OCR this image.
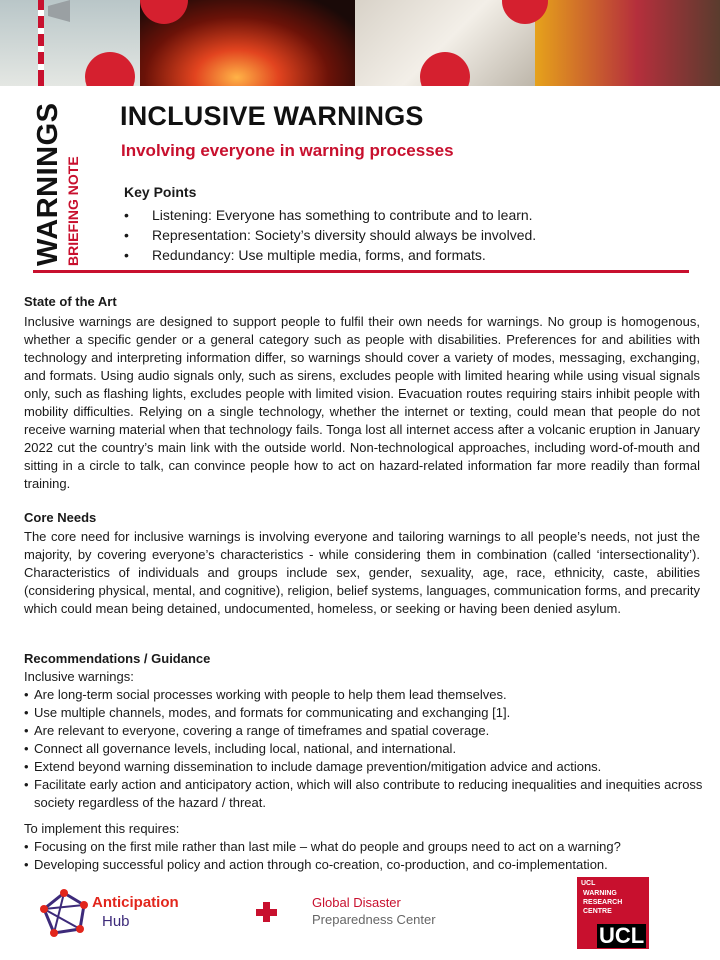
WARNINGS BRIEFING NOTE
INCLUSIVE WARNINGS
Involving everyone in warning processes
Key Points
• Listening: Everyone has something to contribute and to learn.
• Representation: Society’s diversity should always be involved.
• Redundancy: Use multiple media, forms, and formats.
State of the Art

Inclusive warnings are designed to support people to fulfil their own needs for warnings. No group is homogenous, whether a specific gender or a general category such as people with disabilities. Preferences for and abilities with technology and interpreting information differ, so warnings should cover a variety of modes, messaging, exchanging, and formats. Using audio signals only, such as sirens, excludes people with limited hearing while using visual signals only, such as flashing lights, excludes people with limited vision. Evacuation routes requiring stairs inhibit people with mobility difficulties. Relying on a single technology, whether the internet or texting, could mean that people do not receive warning material when that technology fails. Tonga lost all internet access after a volcanic eruption in January 2022 cut the country’s main link with the outside world. Non-technological approaches, including word-of-mouth and sitting in a circle to talk, can convince people how to act on hazard-related information far more readily than formal training.

Core Needs

The core need for inclusive warnings is involving everyone and tailoring warnings to all people’s needs, not just the majority, by covering everyone’s characteristics - while considering them in combination (called ‘intersectionality’). Characteristics of individuals and groups include sex, gender, sexuality, age, race, ethnicity, caste, abilities (considering physical, mental, and cognitive), religion, belief systems, languages, communication forms, and precarity which could mean being detained, undocumented, homeless, or seeking or having been denied asylum.

Recommendations / Guidance
Inclusive warnings:
• Are long-term social processes working with people to help them lead themselves.
• Use multiple channels, modes, and formats for communicating and exchanging [1].
• Are relevant to everyone, covering a range of timeframes and spatial coverage.
• Connect all governance levels, including local, national, and international.
• Extend beyond warning dissemination to include damage prevention/mitigation advice and actions.
• Facilitate early action and anticipatory action, which will also contribute to reducing inequalities and inequities across society regardless of the hazard / threat.
To implement this requires:
• Focusing on the first mile rather than last mile – what do people and groups need to act on a warning?
• Developing successful policy and action through co-creation, co-production, and co-implementation.
Anticipation
Hub
Global Disaster
Preparedness Center
UCL
WARNING RESEARCH CENTRE
UCL
